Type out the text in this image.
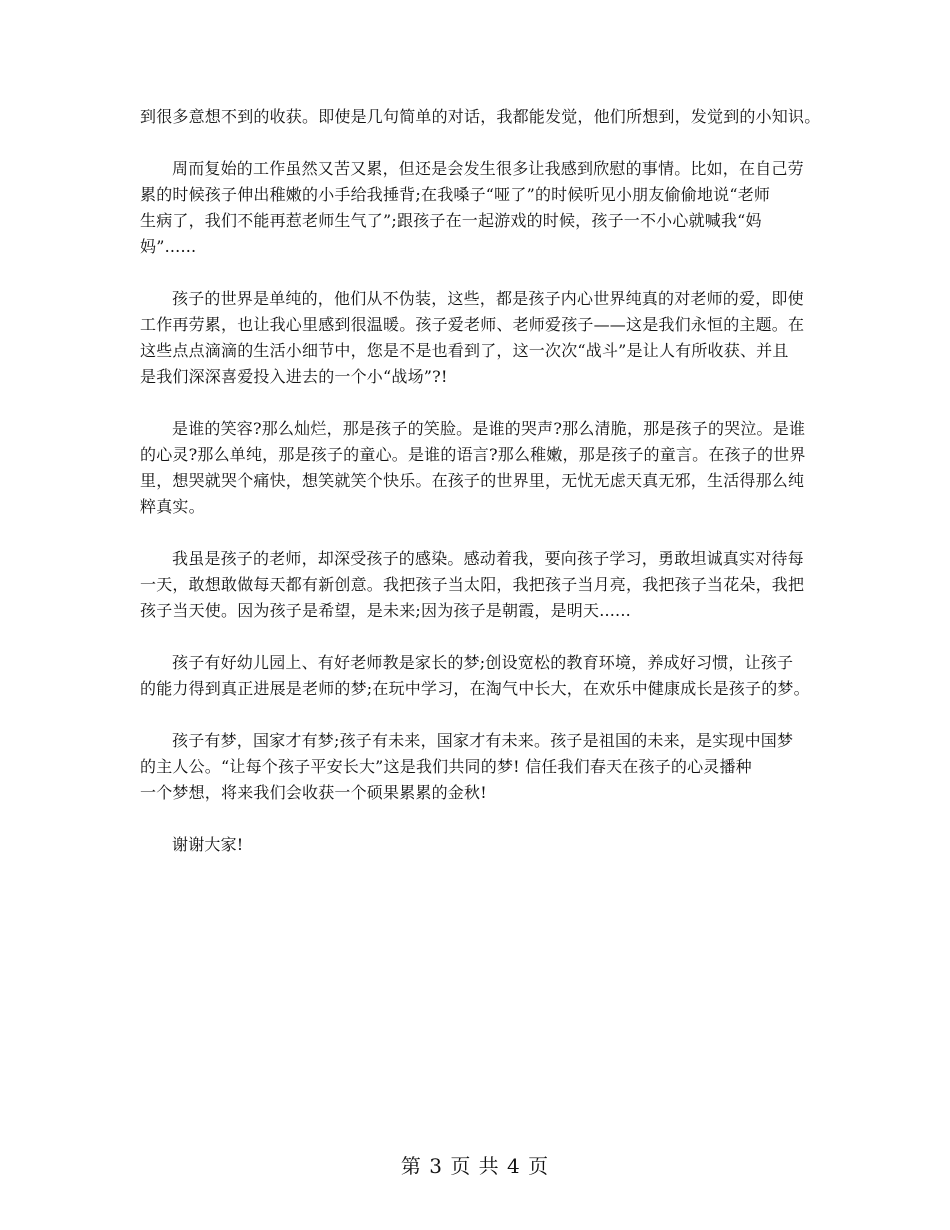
到很多意想不到的收获。即使是几句简单的对话，我都能发觉，他们所想到，发觉到的小知识。
周而复始的工作虽然又苦又累，但还是会发生很多让我感到欣慰的事情。比如，在自己劳
累的时候孩子伸出稚嫩的小手给我捶背;在我嗓子“哑了”的时候听见小朋友偷偷地说“老师
生病了，我们不能再惹老师生气了”;跟孩子在一起游戏的时候，孩子一不小心就喊我“妈
妈”......
孩子的世界是单纯的，他们从不伪装，这些，都是孩子内心世界纯真的对老师的爱，即使
工作再劳累，也让我心里感到很温暖。孩子爱老师、老师爱孩子——这是我们永恒的主题。在
这些点点滴滴的生活小细节中，您是不是也看到了，这一次次“战斗”是让人有所收获、并且
是我们深深喜爱投入进去的一个小“战场”?!
是谁的笑容?那么灿烂，那是孩子的笑脸。是谁的哭声?那么清脆，那是孩子的哭泣。是谁
的心灵?那么单纯，那是孩子的童心。是谁的语言?那么稚嫩，那是孩子的童言。在孩子的世界
里，想哭就哭个痛快，想笑就笑个快乐。在孩子的世界里，无忧无虑天真无邪，生活得那么纯
粹真实。
我虽是孩子的老师，却深受孩子的感染。感动着我，要向孩子学习，勇敢坦诚真实对待每
一天，敢想敢做每天都有新创意。我把孩子当太阳，我把孩子当月亮，我把孩子当花朵，我把
孩子当天使。因为孩子是希望，是未来;因为孩子是朝霞，是明天......
孩子有好幼儿园上、有好老师教是家长的梦;创设宽松的教育环境，养成好习惯，让孩子
的能力得到真正进展是老师的梦;在玩中学习，在淘气中长大，在欢乐中健康成长是孩子的梦。
孩子有梦，国家才有梦;孩子有未来，国家才有未来。孩子是祖国的未来，是实现中国梦
的主人公。“让每个孩子平安长大”这是我们共同的梦! 信任我们春天在孩子的心灵播种
一个梦想，将来我们会收获一个硕果累累的金秋!
谢谢大家!
第 3 页 共 4 页
